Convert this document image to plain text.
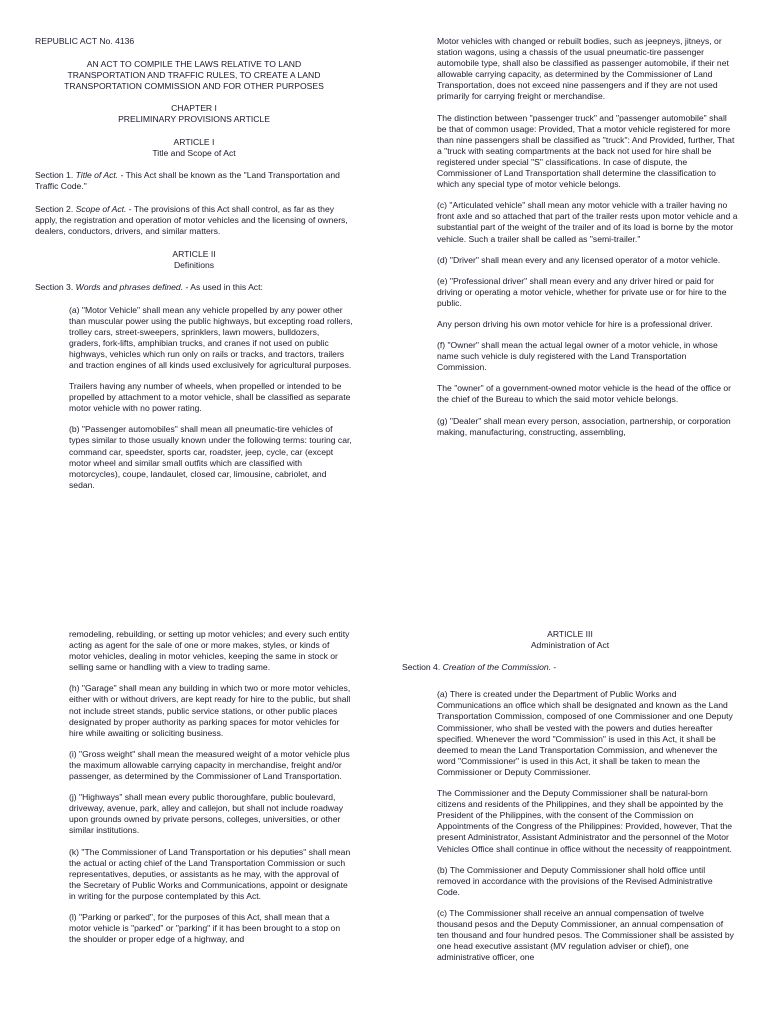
REPUBLIC ACT No. 4136

AN ACT TO COMPILE THE LAWS RELATIVE TO LAND

TRANSPORTATION AND TRAFFIC RULES, TO CREATE A LAND

TRANSPORTATION COMMISSION AND FOR OTHER PURPOSES

CHAPTER I

PRELIMINARY PROVISIONS ARTICLE

ARTICLE I

Title and Scope of Act

Section 1. Title of Act. - This Act shall be known as the "Land Transportation and Traffic Code."

Section 2. Scope of Act. - The provisions of this Act shall control, as far as they apply, the registration and operation of motor vehicles and the licensing of owners, dealers, conductors, drivers, and similar matters.

ARTICLE II

Definitions

Section 3. Words and phrases defined. - As used in this Act:

(a) "Motor Vehicle" shall mean any vehicle propelled by any power other than muscular power using the public highways, but excepting road rollers, trolley cars, street-sweepers, sprinklers, lawn mowers, bulldozers, graders, fork-lifts, amphibian trucks, and cranes if not used on public highways, vehicles which run only on rails or tracks, and tractors, trailers and traction engines of all kinds used exclusively for agricultural purposes.

Trailers having any number of wheels, when propelled or intended to be propelled by attachment to a motor vehicle, shall be classified as separate motor vehicle with no power rating.

(b) "Passenger automobiles" shall mean all pneumatic-tire vehicles of types similar to those usually known under the following terms: touring car, command car, speedster, sports car, roadster, jeep, cycle, car (except motor wheel and similar small outfits which are classified with motorcycles), coupe, landaulet, closed car, limousine, cabriolet, and sedan.

Motor vehicles with changed or rebuilt bodies, such as jeepneys, jitneys, or station wagons, using a chassis of the usual pneumatic-tire passenger automobile type, shall also be classified as passenger automobile, if their net allowable carrying capacity, as determined by the Commissioner of Land Transportation, does not exceed nine passengers and if they are not used primarily for carrying freight or merchandise.

The distinction between "passenger truck" and "passenger automobile" shall be that of common usage: Provided, That a motor vehicle registered for more than nine passengers shall be classified as "truck": And Provided, further, That a "truck with seating compartments at the back not used for hire shall be registered under special "S" classifications. In case of dispute, the Commissioner of Land Transportation shall determine the classification to which any special type of motor vehicle belongs.

(c) "Articulated vehicle" shall mean any motor vehicle with a trailer having no front axle and so attached that part of the trailer rests upon motor vehicle and a substantial part of the weight of the trailer and of its load is borne by the motor vehicle. Such a trailer shall be called as "semi-trailer."

(d) "Driver" shall mean every and any licensed operator of a motor vehicle.

(e) "Professional driver" shall mean every and any driver hired or paid for driving or operating a motor vehicle, whether for private use or for hire to the public.

Any person driving his own motor vehicle for hire is a professional driver.

(f) "Owner" shall mean the actual legal owner of a motor vehicle, in whose name such vehicle is duly registered with the Land Transportation Commission.

The "owner" of a government-owned motor vehicle is the head of the office or the chief of the Bureau to which the said motor vehicle belongs.

(g) "Dealer" shall mean every person, association, partnership, or corporation making, manufacturing, constructing, assembling,

remodeling, rebuilding, or setting up motor vehicles; and every such entity acting as agent for the sale of one or more makes, styles, or kinds of motor vehicles, dealing in motor vehicles, keeping the same in stock or selling same or handling with a view to trading same.

(h) "Garage" shall mean any building in which two or more motor vehicles, either with or without drivers, are kept ready for hire to the public, but shall not include street stands, public service stations, or other public places designated by proper authority as parking spaces for motor vehicles for hire while awaiting or soliciting business.

(i) "Gross weight" shall mean the measured weight of a motor vehicle plus the maximum allowable carrying capacity in merchandise, freight and/or passenger, as determined by the Commissioner of Land Transportation.

(j) "Highways" shall mean every public thoroughfare, public boulevard, driveway, avenue, park, alley and callejon, but shall not include roadway upon grounds owned by private persons, colleges, universities, or other similar institutions.

(k) "The Commissioner of Land Transportation or his deputies" shall mean the actual or acting chief of the Land Transportation Commission or such representatives, deputies, or assistants as he may, with the approval of the Secretary of Public Works and Communications, appoint or designate in writing for the purpose contemplated by this Act.

(l) "Parking or parked", for the purposes of this Act, shall mean that a motor vehicle is "parked" or "parking" if it has been brought to a stop on the shoulder or proper edge of a highway, and

ARTICLE III

Administration of Act

Section 4. Creation of the Commission. -

(a) There is created under the Department of Public Works and Communications an office which shall be designated and known as the Land Transportation Commission, composed of one Commissioner and one Deputy Commissioner, who shall be vested with the powers and duties hereafter specified. Whenever the word "Commission" is used in this Act, it shall be deemed to mean the Land Transportation Commission, and whenever the word "Commissioner" is used in this Act, it shall be taken to mean the Commissioner or Deputy Commissioner.

The Commissioner and the Deputy Commissioner shall be natural-born citizens and residents of the Philippines, and they shall be appointed by the President of the Philippines, with the consent of the Commission on Appointments of the Congress of the Philippines: Provided, however, That the present Administrator, Assistant Administrator and the personnel of the Motor Vehicles Office shall continue in office without the necessity of reappointment.

(b) The Commissioner and Deputy Commissioner shall hold office until removed in accordance with the provisions of the Revised Administrative Code.

(c) The Commissioner shall receive an annual compensation of twelve thousand pesos and the Deputy Commissioner, an annual compensation of ten thousand and four hundred pesos. The Commissioner shall be assisted by one head executive assistant (MV regulation adviser or chief), one administrative officer, one
